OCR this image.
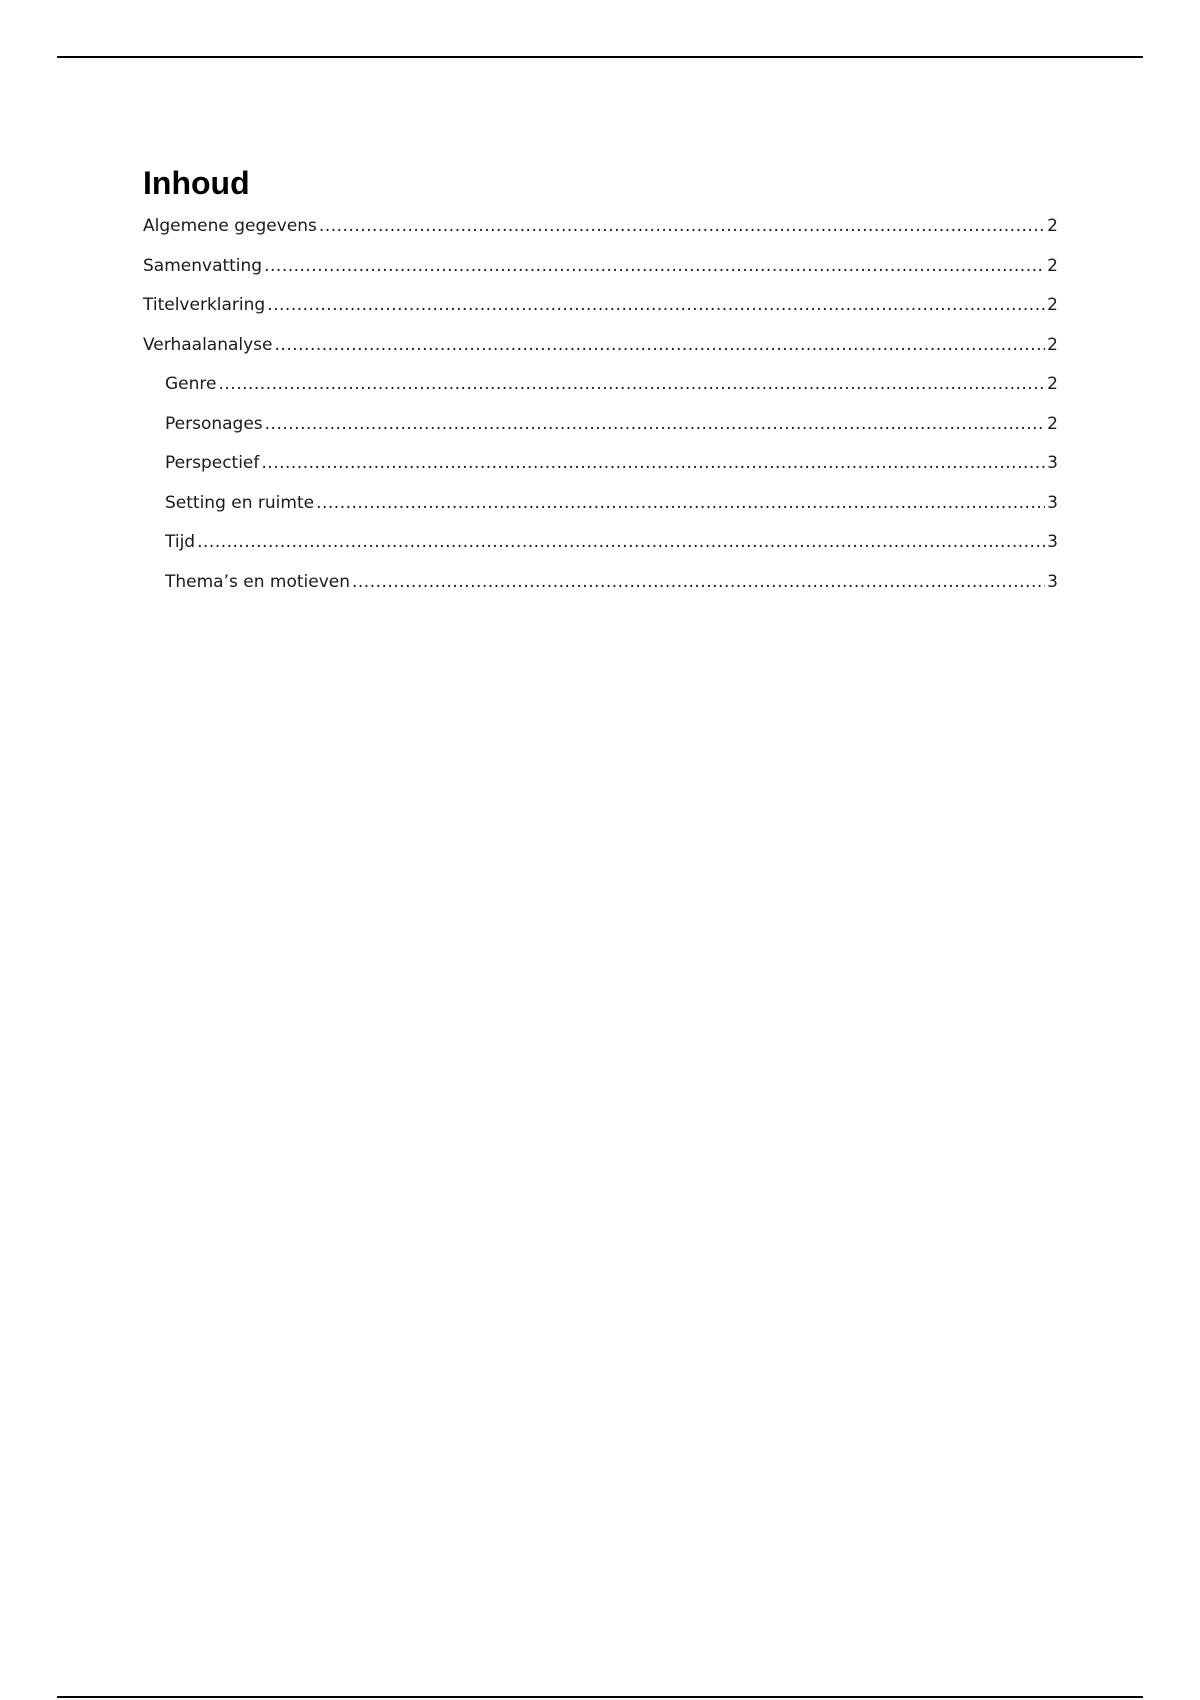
Inhoud
Algemene gegevens .....	2
Samenvatting .....	2
Titelverklaring .....	2
Verhaalanalyse .....	2
Genre .....	2
Personages .....	2
Perspectief .....	3
Setting en ruimte .....	3
Tijd .....	3
Thema’s en motieven .....	3
